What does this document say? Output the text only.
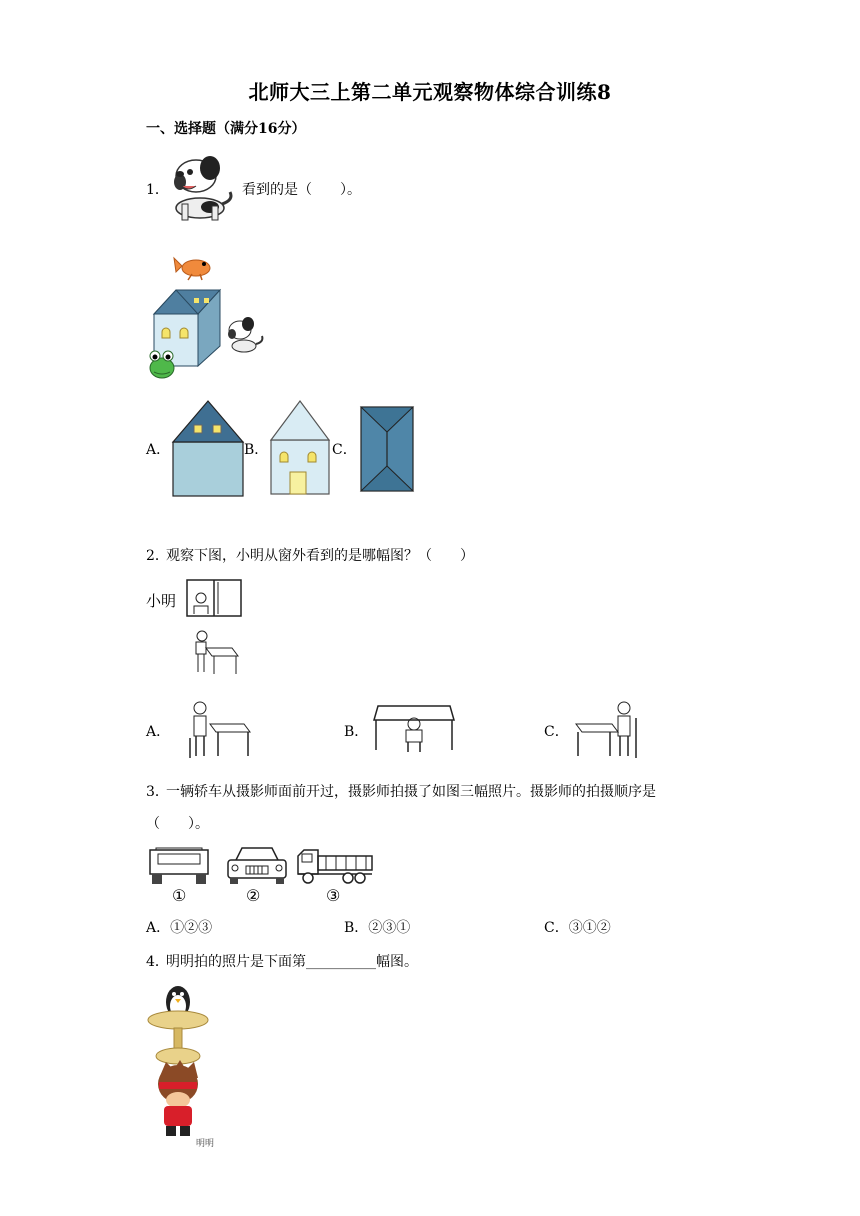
北师大三上第二单元观察物体综合训练8
一、选择题（满分16分）
1．	看到的是（　　）。
A．	B．	C．
2．
观察下图，小明从窗外看到的是哪幅图？（　　）
小明
A．	B．	C．
3．
一辆轿车从摄影师面前开过，摄影师拍摄了如图三幅照片。摄影师的拍摄顺序是
（　　）。
①	②	③
A．①②③	B．②③①	C．③①②
4．
明明拍的照片是下面第__________幅图。
明明
